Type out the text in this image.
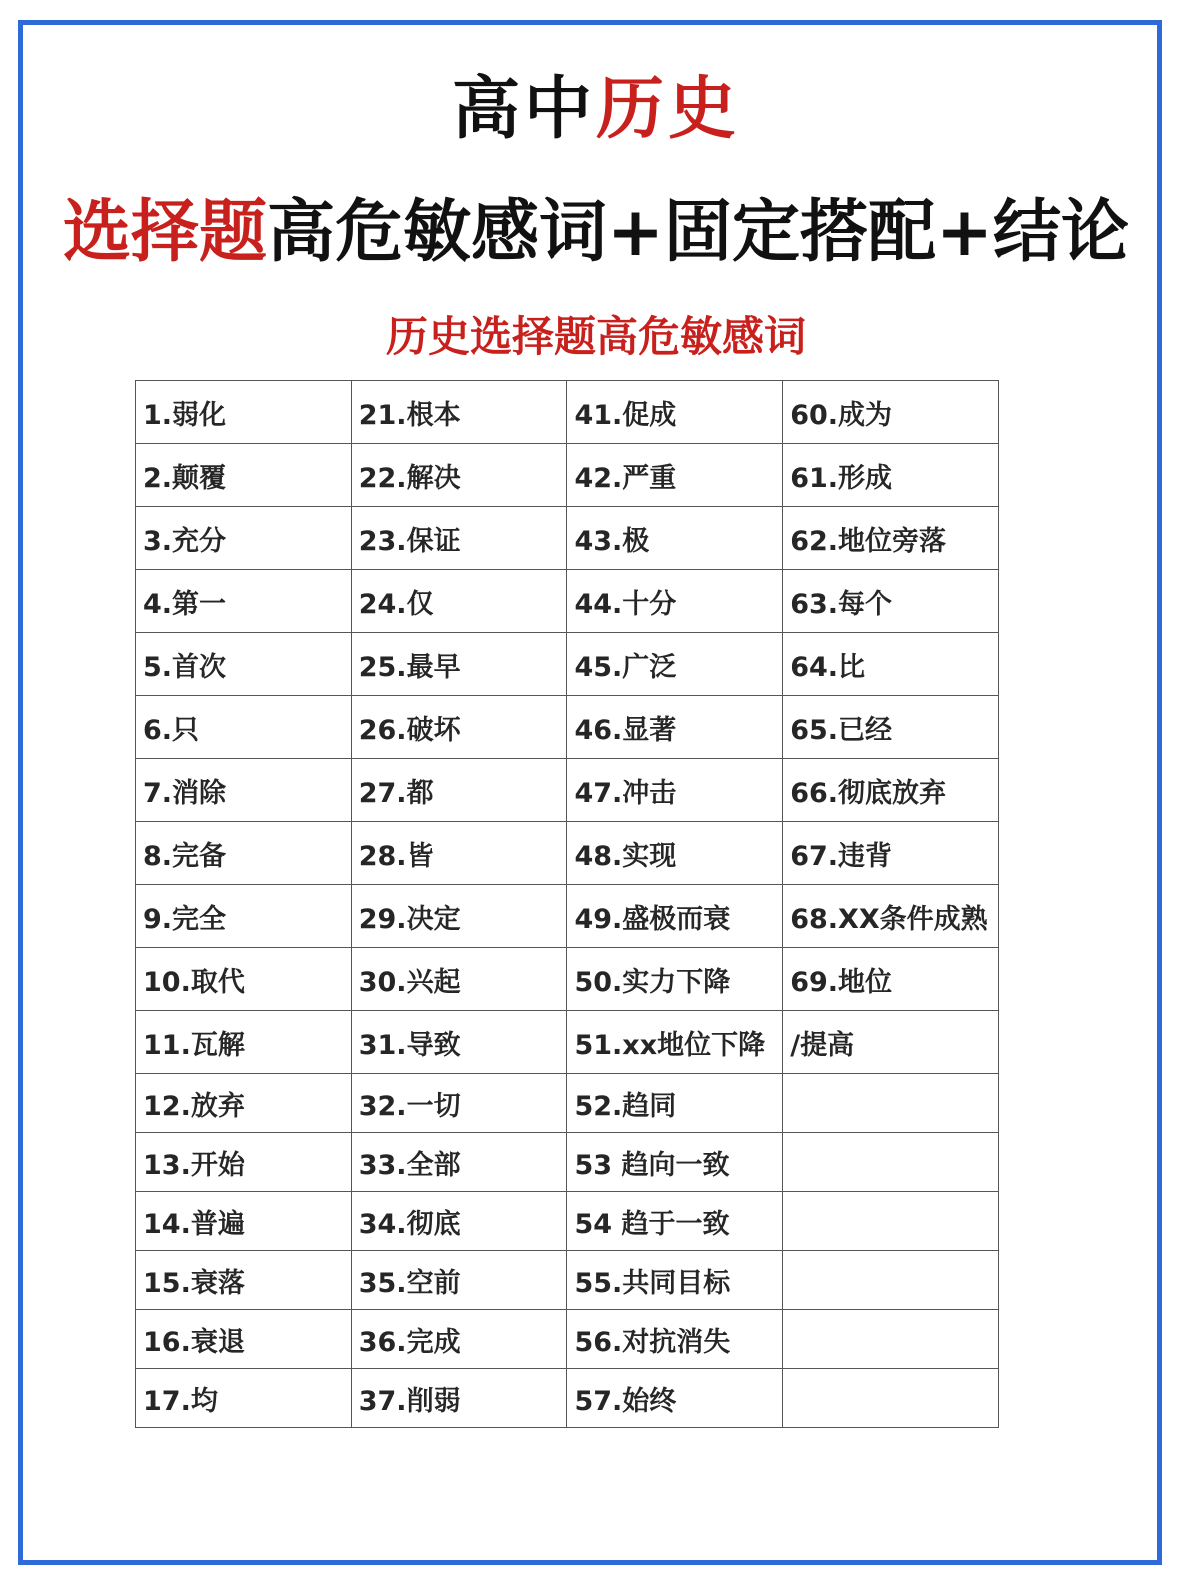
高中历史
选择题高危敏感词+固定搭配+结论
历史选择题高危敏感词
1.弱化	21.根本	41.促成	60.成为
2.颠覆	22.解决	42.严重	61.形成
3.充分	23.保证	43.极	62.地位旁落
4.第一	24.仅	44.十分	63.每个
5.首次	25.最早	45.广泛	64.比
6.只	26.破坏	46.显著	65.已经
7.消除	27.都	47.冲击	66.彻底放弃
8.完备	28.皆	48.实现	67.违背
9.完全	29.决定	49.盛极而衰	68.XX条件成熟
10.取代	30.兴起	50.实力下降	69.地位
11.瓦解	31.导致	51.xx地位下降	/提高
12.放弃	32.一切	52.趋同	
13.开始	33.全部	53 趋向一致	
14.普遍	34.彻底	54 趋于一致	
15.衰落	35.空前	55.共同目标	
16.衰退	36.完成	56.对抗消失	
17.均	37.削弱	57.始终	
